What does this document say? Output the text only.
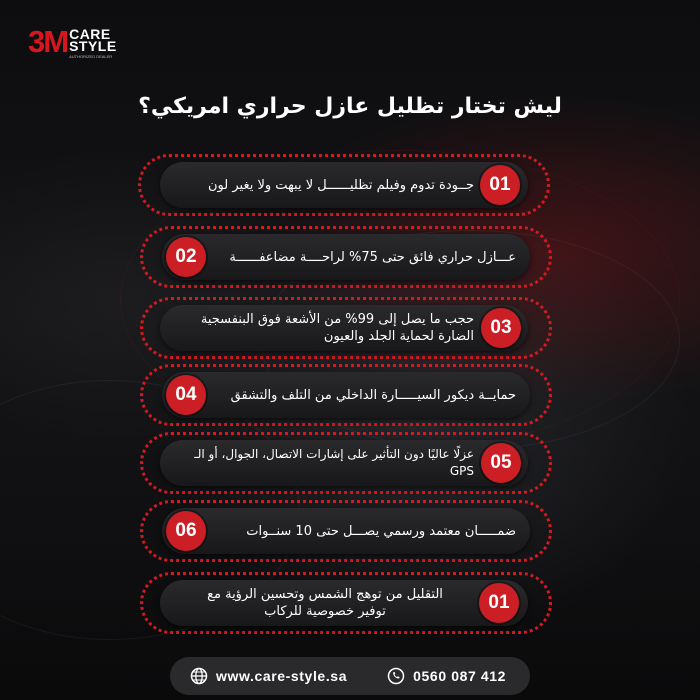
3M CARE
STYLE
AUTHORIZED DEALER
ليش تختار تظليل عازل حراري امريكي؟
جــودة تدوم وفيلم تظليــــــل لا يبهت ولا يغير لون 01
عـــازل حراري فائق حتى 75% لراحــــة مضاعفــــــة
02
حجب ما يصل إلى 99% من الأشعة فوق البنفسجية
الضارة لحماية الجلد والعيون 03
حمايــة ديكور السيـــــارة الداخلي من التلف والتشقق
04
عزلًا عاليًا دون التأثير على إشارات الاتصال، الجوال، أو الـ GPS 05
ضمـــــان معتمد ورسمي يصـــل حتى 10 سنــوات
06
التقليل من توهج الشمس وتحسين الرؤية مع
توفير خصوصية للركاب	01
www.care-style.sa	0560 087 412
